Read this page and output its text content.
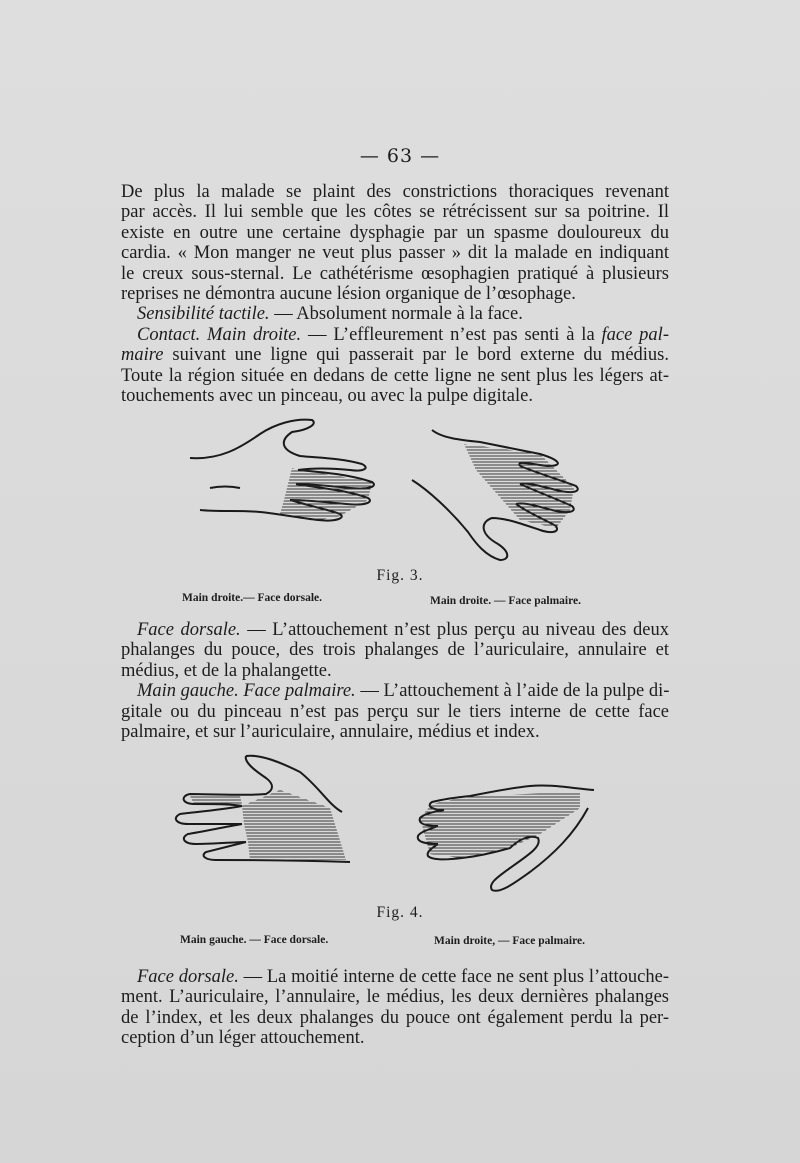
— 63 —
De plus la malade se plaint des constrictions thoraciques revenant
par accès. Il lui semble que les côtes se rétrécissent sur sa poitrine. Il
existe en outre une certaine dysphagie par un spasme douloureux du
cardia. « Mon manger ne veut plus passer » dit la malade en indiquant
le creux sous-sternal. Le cathétérisme œsophagien pratiqué à plusieurs
reprises ne démontra aucune lésion organique de l’œsophage.
Sensibilité tactile. — Absolument normale à la face.
Contact. Main droite. — L’effleurement n’est pas senti à la face pal-
maire suivant une ligne qui passerait par le bord externe du médius.
Toute la région située en dedans de cette ligne ne sent plus les légers at-
touchements avec un pinceau, ou avec la pulpe digitale.
Fig. 3.
Main droite.— Face dorsale.	Main droite. — Face palmaire.
Face dorsale. — L’attouchement n’est plus perçu au niveau des deux
phalanges du pouce, des trois phalanges de l’auriculaire, annulaire et
médius, et de la phalangette.
Main gauche. Face palmaire. — L’attouchement à l’aide de la pulpe di-
gitale ou du pinceau n’est pas perçu sur le tiers interne de cette face
palmaire, et sur l’auriculaire, annulaire, médius et index.
Fig. 4.
Main gauche. — Face dorsale.	Main droite, — Face palmaire.
Face dorsale. — La moitié interne de cette face ne sent plus l’attouche-
ment. L’auriculaire, l’annulaire, le médius, les deux dernières phalanges
de l’index, et les deux phalanges du pouce ont également perdu la per-
ception d’un léger attouchement.
